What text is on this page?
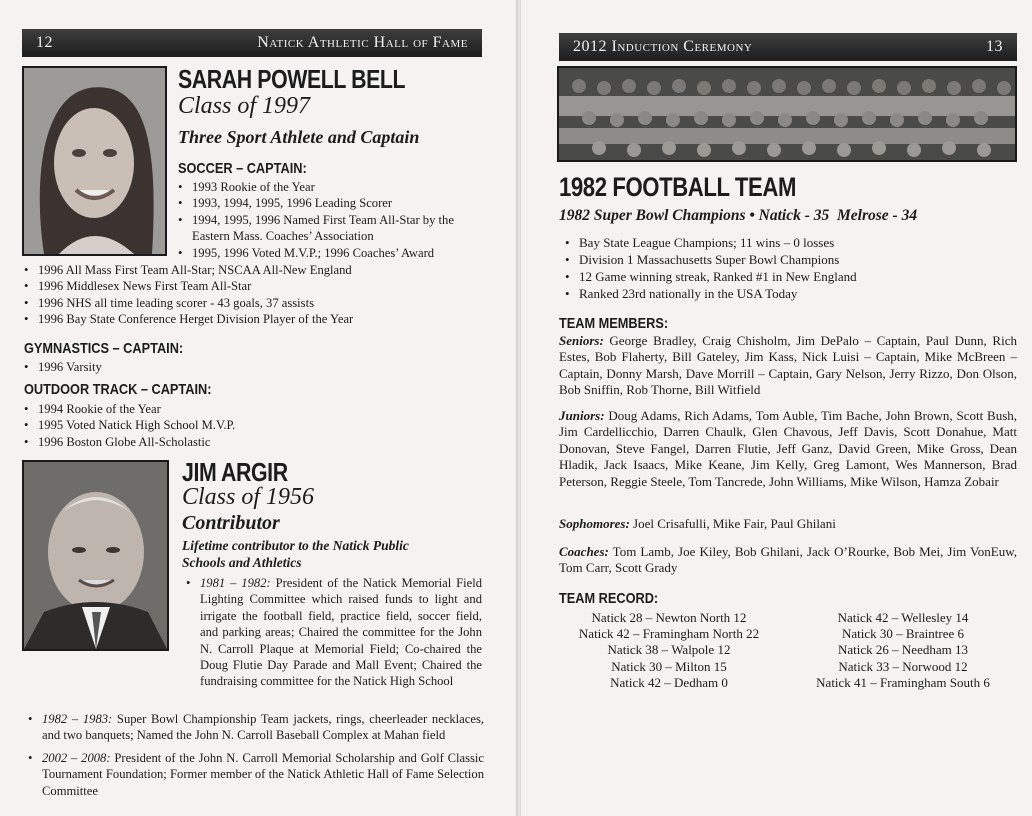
12	Natick Athletic Hall of Fame
SARAH POWELL BELL
Class of 1997
Three Sport Athlete and Captain
SOCCER – CAPTAIN:
• 1993 Rookie of the Year
• 1993, 1994, 1995, 1996 Leading Scorer
• 1994, 1995, 1996 Named First Team All-Star by the Eastern Mass. Coaches’ Association
• 1995, 1996 Voted M.V.P.; 1996 Coaches’ Award
• 1996 All Mass First Team All-Star; NSCAA All-New England
• 1996 Middlesex News First Team All-Star
• 1996 NHS all time leading scorer - 43 goals, 37 assists
• 1996 Bay State Conference Herget Division Player of the Year
GYMNASTICS – CAPTAIN:
• 1996 Varsity
OUTDOOR TRACK – CAPTAIN:
• 1994 Rookie of the Year
• 1995 Voted Natick High School M.V.P.
• 1996 Boston Globe All-Scholastic
JIM ARGIR
Class of 1956
Contributor
Lifetime contributor to the Natick Public Schools and Athletics
• 1981 – 1982: President of the Natick Memorial Field Lighting Committee which raised funds to light and irrigate the football field, practice field, soccer field, and parking areas; Chaired the committee for the John N. Carroll Plaque at Memorial Field; Co-chaired the Doug Flutie Day Parade and Mall Event; Chaired the fundraising committee for the Natick High School
• 1982 – 1983: Super Bowl Championship Team jackets, rings, cheerleader necklaces, and two banquets; Named the John N. Carroll Baseball Complex at Mahan field
• 2002 – 2008: President of the John N. Carroll Memorial Scholarship and Golf Classic Tournament Foundation; Former member of the Natick Athletic Hall of Fame Selection Committee
2012 Induction Ceremony	13
1982 FOOTBALL TEAM
1982 Super Bowl Champions • Natick - 35  Melrose - 34
• Bay State League Champions; 11 wins – 0 losses
• Division 1 Massachusetts Super Bowl Champions
• 12 Game winning streak, Ranked #1 in New England
• Ranked 23rd nationally in the USA Today
TEAM MEMBERS:

Seniors: George Bradley, Craig Chisholm, Jim DePalo – Captain, Paul Dunn, Rich Estes, Bob Flaherty, Bill Gateley, Jim Kass, Nick Luisi – Captain, Mike McBreen – Captain, Donny Marsh, Dave Morrill – Captain, Gary Nelson, Jerry Rizzo, Don Olson, Bob Sniffin, Rob Thorne, Bill Witfield

Juniors: Doug Adams, Rich Adams, Tom Auble, Tim Bache, John Brown, Scott Bush, Jim Cardellicchio, Darren Chaulk, Glen Chavous, Jeff Davis, Scott Donahue, Matt Donovan, Steve Fangel, Darren Flutie, Jeff Ganz, David Green, Mike Gross, Dean Hladik, Jack Isaacs, Mike Keane, Jim Kelly, Greg Lamont, Wes Mannerson, Brad Peterson, Reggie Steele, Tom Tancrede, John Williams, Mike Wilson, Hamza Zobair

Sophomores: Joel Crisafulli, Mike Fair, Paul Ghilani

Coaches: Tom Lamb, Joe Kiley, Bob Ghilani, Jack O’Rourke, Bob Mei, Jim VonEuw, Tom Carr, Scott Grady

TEAM RECORD:
Natick 28 – Newton North 12
Natick 42 – Framingham North 22
Natick 38 – Walpole 12
Natick 30 – Milton 15
Natick 42 – Dedham 0
Natick 42 – Wellesley 14
Natick 30 – Braintree 6
Natick 26 – Needham 13
Natick 33 – Norwood 12
Natick 41 – Framingham South 6
